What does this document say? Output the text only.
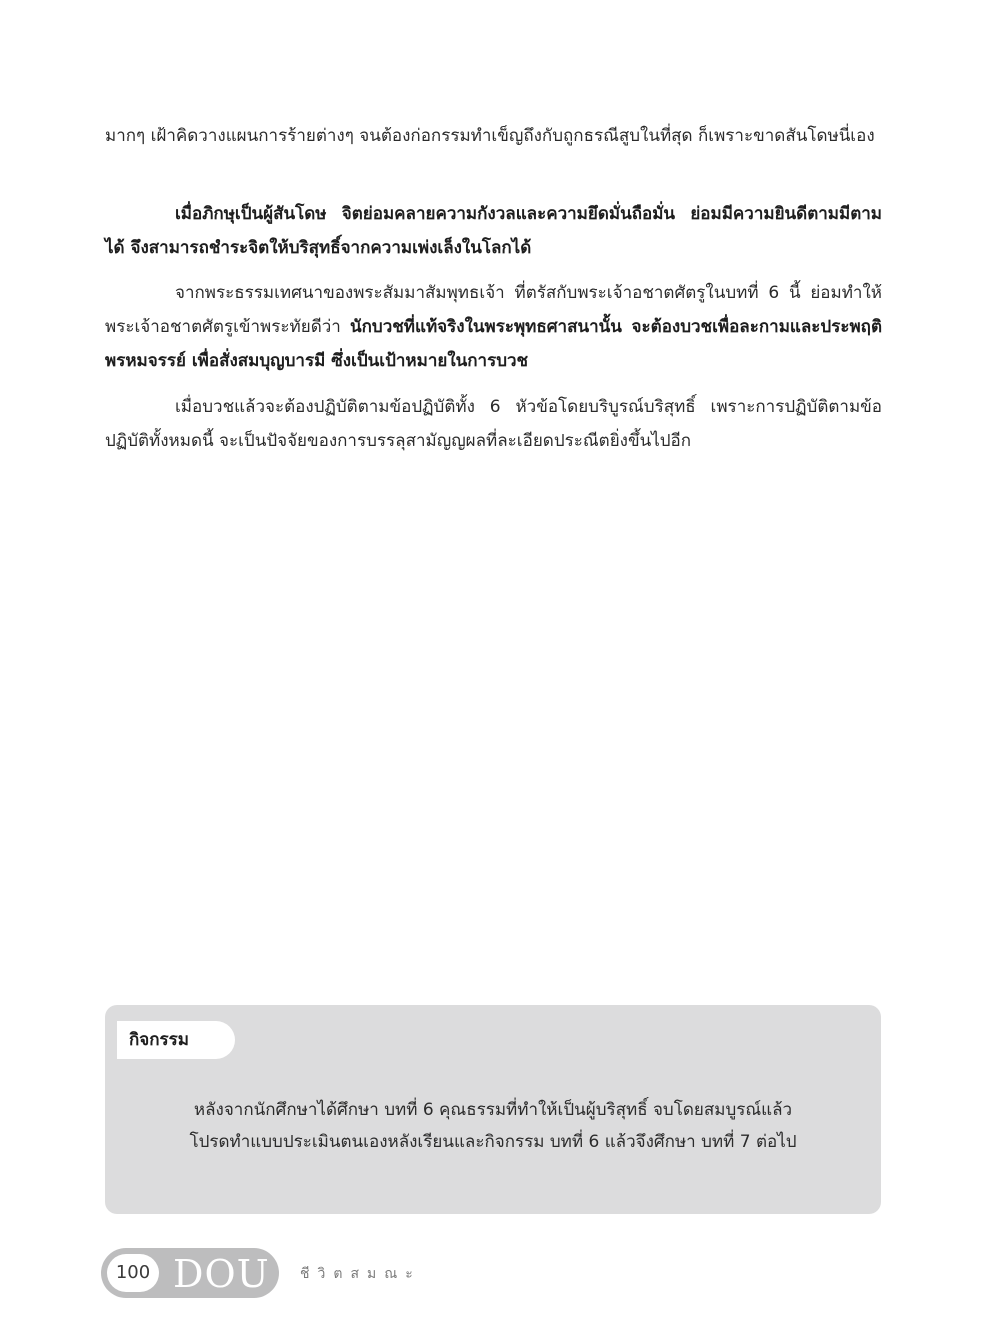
มากๆ เฝ้าคิดวางแผนการร้ายต่างๆ จนต้องก่อกรรมทำเข็ญถึงกับถูกธรณีสูบในที่สุด ก็เพราะขาดสันโดษนี่เอง

เมื่อภิกษุเป็นผู้สันโดษ จิตย่อมคลายความกังวลและความยึดมั่นถือมั่น ย่อมมีความยินดีตามมีตามได้ จึงสามารถชำระจิตให้บริสุทธิ์จากความเพ่งเล็งในโลกได้

จากพระธรรมเทศนาของพระสัมมาสัมพุทธเจ้า ที่ตรัสกับพระเจ้าอชาตศัตรูในบทที่ 6 นี้ ย่อมทำให้พระเจ้าอชาตศัตรูเข้าพระทัยดีว่า นักบวชที่แท้จริงในพระพุทธศาสนานั้น จะต้องบวชเพื่อละกามและประพฤติพรหมจรรย์ เพื่อสั่งสมบุญบารมี ซึ่งเป็นเป้าหมายในการบวช

เมื่อบวชแล้วจะต้องปฏิบัติตามข้อปฏิบัติทั้ง 6 หัวข้อโดยบริบูรณ์บริสุทธิ์ เพราะการปฏิบัติตามข้อปฏิบัติทั้งหมดนี้ จะเป็นปัจจัยของการบรรลุสามัญญผลที่ละเอียดประณีตยิ่งขึ้นไปอีก

กิจกรรม

หลังจากนักศึกษาได้ศึกษา บทที่ 6 คุณธรรมที่ทำให้เป็นผู้บริสุทธิ์ จบโดยสมบูรณ์แล้ว

โปรดทำแบบประเมินตนเองหลังเรียนและกิจกรรม บทที่ 6 แล้วจึงศึกษา บทที่ 7 ต่อไป

100 DOU ชีวิตสมณะ
